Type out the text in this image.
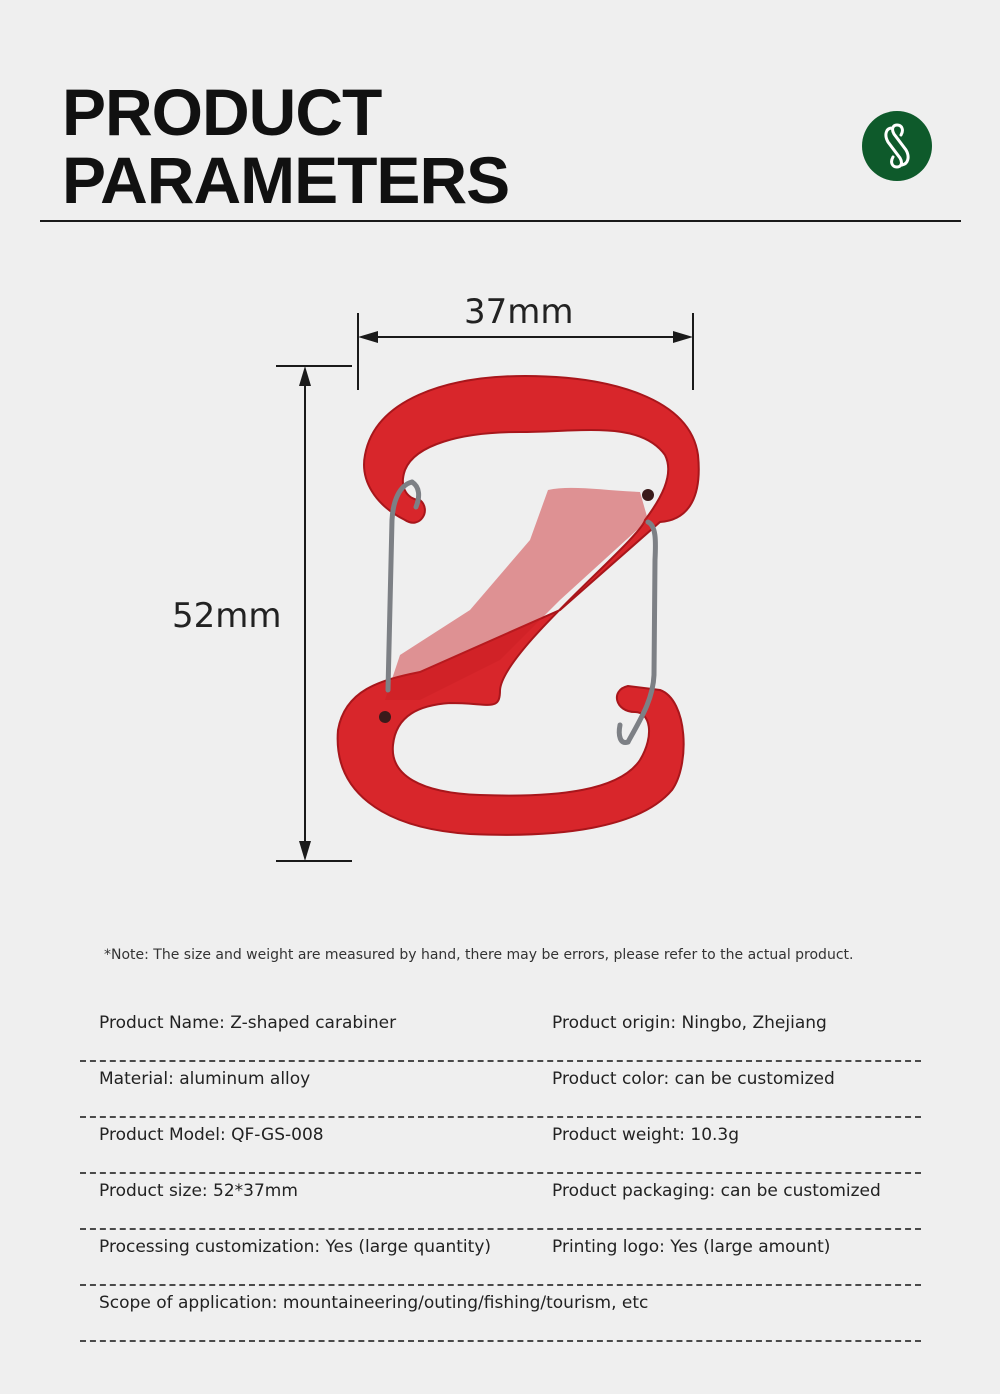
PRODUCT
PARAMETERS
37mm
52mm
*Note: The size and weight are measured by hand, there may be errors, please refer to the actual product.
Product Name: Z-shaped carabiner	Product origin: Ningbo, Zhejiang
Material: aluminum alloy	Product color: can be customized
Product Model: QF-GS-008	Product weight: 10.3g
Product size: 52*37mm	Product packaging: can be customized
Processing customization: Yes (large quantity)	Printing logo: Yes (large amount)
Scope of application: mountaineering/outing/fishing/tourism, etc
